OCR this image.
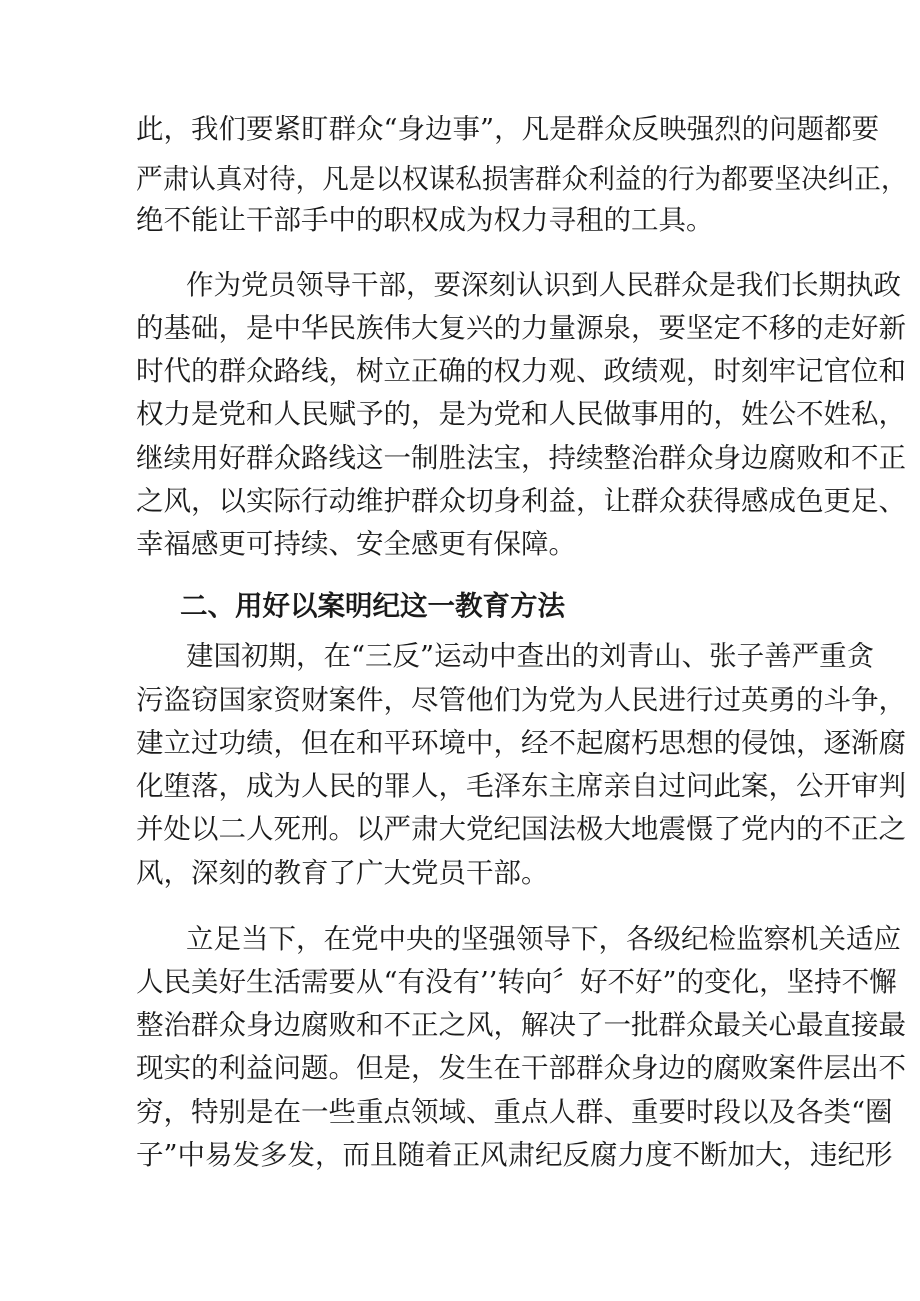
此，我们要紧盯群众“身边事”，凡是群众反映强烈的问题都要
严肃认真对待，凡是以权谋私损害群众利益的行为都要坚决纠正，
绝不能让干部手中的职权成为权力寻租的工具。
作为党员领导干部，要深刻认识到人民群众是我们长期执政
的基础，是中华民族伟大复兴的力量源泉，要坚定不移的走好新
时代的群众路线，树立正确的权力观、政绩观，时刻牢记官位和
权力是党和人民赋予的，是为党和人民做事用的，姓公不姓私，
继续用好群众路线这一制胜法宝，持续整治群众身边腐败和不正
之风，以实际行动维护群众切身利益，让群众获得感成色更足、
幸福感更可持续、安全感更有保障。
二、用好以案明纪这一教育方法
建国初期，在“三反”运动中查出的刘青山、张子善严重贪
污盗窃国家资财案件，尽管他们为党为人民进行过英勇的斗争，
建立过功绩，但在和平环境中，经不起腐朽思想的侵蚀，逐渐腐
化堕落，成为人民的罪人，毛泽东主席亲自过问此案，公开审判
并处以二人死刑。以严肃大党纪国法极大地震慑了党内的不正之
风，深刻的教育了广大党员干部。
立足当下，在党中央的坚强领导下，各级纪检监察机关适应
人民美好生活需要从“有没有’’转向〞好不好”的变化，坚持不懈
整治群众身边腐败和不正之风，解决了一批群众最关心最直接最
现实的利益问题。但是，发生在干部群众身边的腐败案件层出不
穷，特别是在一些重点领域、重点人群、重要时段以及各类“圈
子”中易发多发，而且随着正风肃纪反腐力度不断加大，违纪形
